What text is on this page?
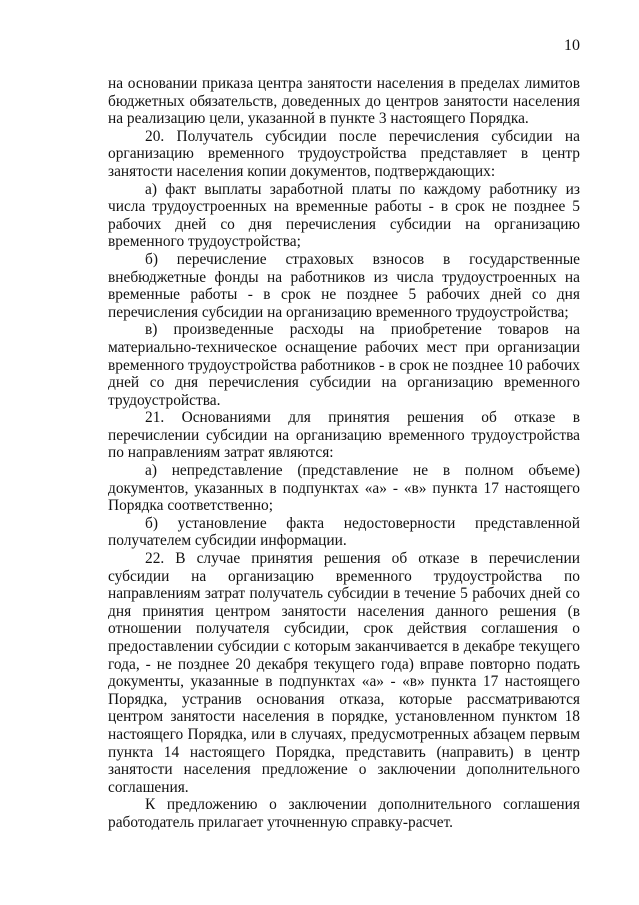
10

на основании приказа центра занятости населения в пределах лимитов бюджетных обязательств, доведенных до центров занятости населения на реализацию цели, указанной в пункте 3 настоящего Порядка.

20. Получатель субсидии после перечисления субсидии на организацию временного трудоустройства представляет в центр занятости населения копии документов, подтверждающих:

а) факт выплаты заработной платы по каждому работнику из числа трудоустроенных на временные работы - в срок не позднее 5 рабочих дней со дня перечисления субсидии на организацию временного трудоустройства;

б) перечисление страховых взносов в государственные внебюджетные фонды на работников из числа трудоустроенных на временные работы - в срок не позднее 5 рабочих дней со дня перечисления субсидии на организацию временного трудоустройства;

в) произведенные расходы на приобретение товаров на материально-техническое оснащение рабочих мест при организации временного трудоустройства работников - в срок не позднее 10 рабочих дней со дня перечисления субсидии на организацию временного трудоустройства.

21. Основаниями для принятия решения об отказе в перечислении субсидии на организацию временного трудоустройства по направлениям затрат являются:

а) непредставление (представление не в полном объеме) документов, указанных в подпунктах «а» - «в» пункта 17 настоящего Порядка соответственно;

б) установление факта недостоверности представленной получателем субсидии информации.

22. В случае принятия решения об отказе в перечислении субсидии на организацию временного трудоустройства по направлениям затрат получатель субсидии в течение 5 рабочих дней со дня принятия центром занятости населения данного решения (в отношении получателя субсидии, срок действия соглашения о предоставлении субсидии с которым заканчивается в декабре текущего года, - не позднее 20 декабря текущего года) вправе повторно подать документы, указанные в подпунктах «а» - «в» пункта 17 настоящего Порядка, устранив основания отказа, которые рассматриваются центром занятости населения в порядке, установленном пунктом 18 настоящего Порядка, или в случаях, предусмотренных абзацем первым пункта 14 настоящего Порядка, представить (направить) в центр занятости населения предложение о заключении дополнительного соглашения.

К предложению о заключении дополнительного соглашения работодатель прилагает уточненную справку-расчет.
